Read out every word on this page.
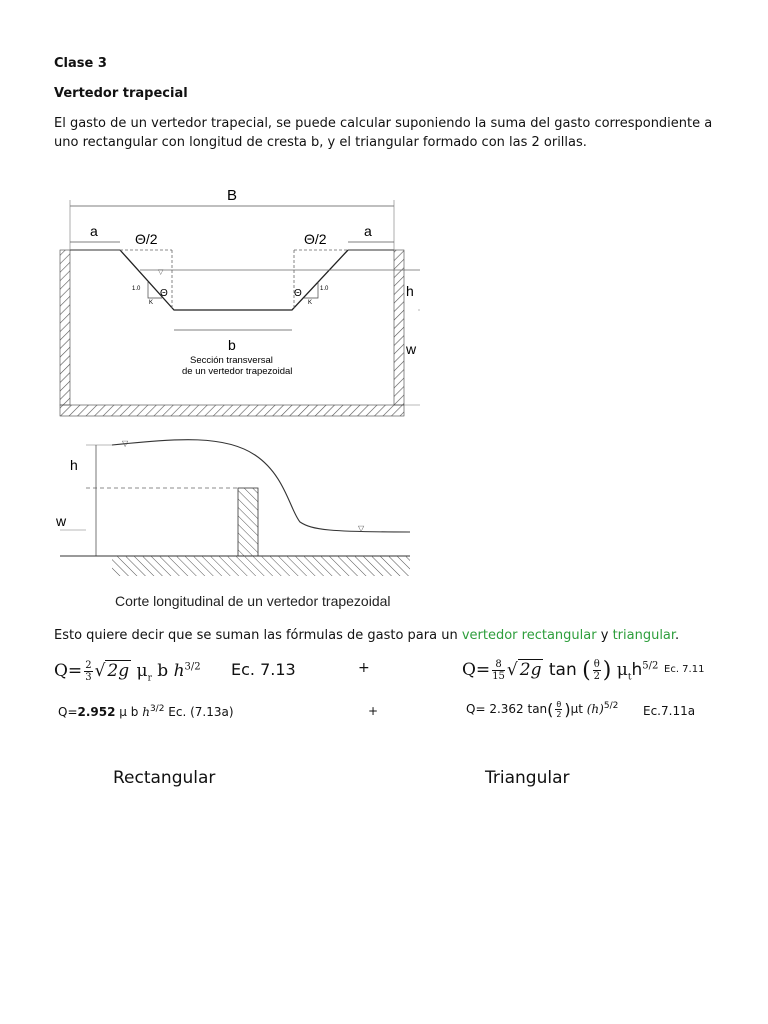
Clase 3
Vertedor trapecial
El gasto de un vertedor trapecial, se puede calcular suponiendo la suma del gasto correspondiente a uno rectangular con longitud de cresta b, y el triangular formado con las 2 orillas.
▽
B
a	a
Θ/2	Θ/2
Θ	Θ
1.0	1.0
K	K
b
h
w
Sección transversal
de un vertedor trapezoidal
▽
▽
h
w
Corte longitudinal de un vertedor trapezoidal
Esto quiere decir que se suman las fórmulas de gasto para un vertedor rectangular y triangular.
$Q= \frac{2}{3}$ √ 2g $\mu_r$ b $h^{3/2}$ Ec. 7.13	+	$Q= \frac{8}{15}$ √ 2g tan ( $\frac{\theta}{2}$ ) $\mu_th^{5/2}$ Ec. 7.11
Q=2.952 μ b $h^{3/2}$ Ec. (7.13a)	+	Q= 2.362 $\tan( \frac{\theta}{2} )\mu t$ $(h)^{5/2}$ Ec.7.11a
Rectangular	Triangular
